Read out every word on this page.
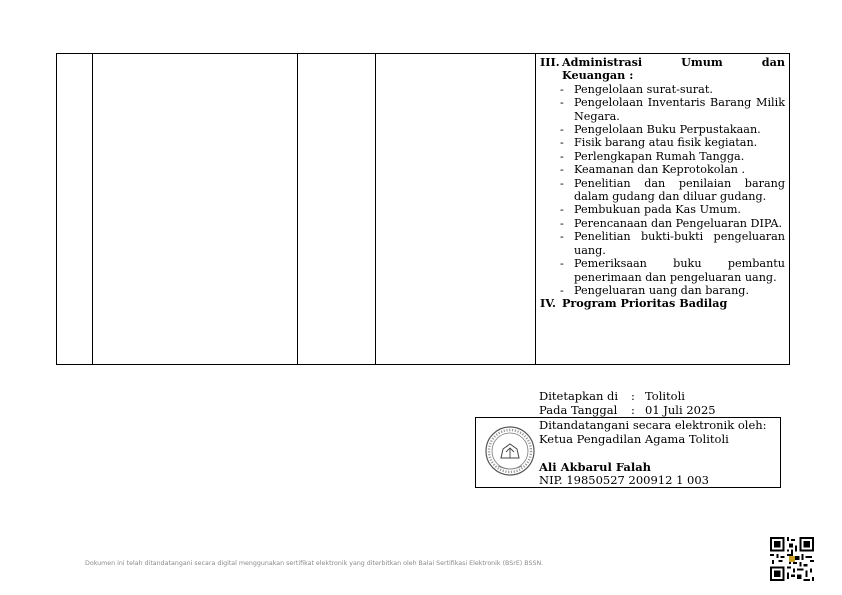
III. Administrasi Umum dan
Keuangan :
- Pengelolaan surat-surat.
- Pengelolaan Inventaris Barang Milik Negara.
- Pengelolaan Buku Perpustakaan.
- Fisik barang atau fisik kegiatan.
- Perlengkapan Rumah Tangga.
- Keamanan dan Keprotokolan .
- Penelitian dan penilaian barang dalam gudang dan diluar gudang.
- Pembukuan pada Kas Umum.
- Perencanaan dan Pengeluaran DIPA.
- Penelitian bukti-bukti pengeluaran uang.
- Pemeriksaan buku pembantu penerimaan dan pengeluaran uang.
- Pengeluaran uang dan barang.
IV. Program Prioritas Badilag
Ditetapkan di	: Tolitoli
Pada Tanggal	: 01 Juli 2025
Ditandatangani secara elektronik oleh:
Ketua Pengadilan Agama Tolitoli
Ali Akbarul Falah
NIP. 19850527 200912 1 003
Dokumen ini telah ditandatangani secara digital menggunakan sertifikat elektronik yang diterbitkan oleh Balai Sertifikasi Elektronik (BSrE) BSSN.
